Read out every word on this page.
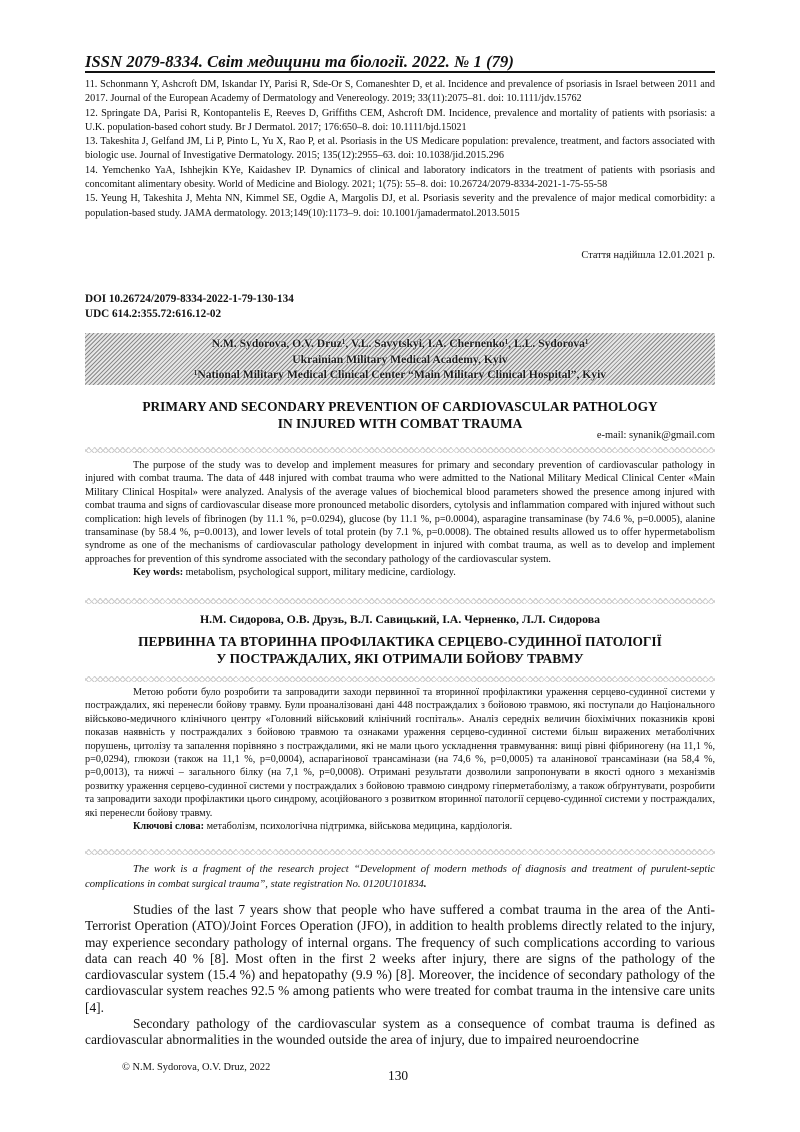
ISSN 2079-8334. Світ медицини та біології. 2022. № 1 (79)

11. Schonmann Y, Ashcroft DM, Iskandar IY, Parisi R, Sde-Or S, Comaneshter D, et al. Incidence and prevalence of psoriasis in Israel between 2011 and 2017. Journal of the European Academy of Dermatology and Venereology. 2019; 33(11):2075–81. doi: 10.1111/jdv.15762

12. Springate DA, Parisi R, Kontopantelis E, Reeves D, Griffiths CEM, Ashcroft DM. Incidence, prevalence and mortality of patients with psoriasis: a U.K. population-based cohort study. Br J Dermatol. 2017; 176:650–8. doi: 10.1111/bjd.15021

13. Takeshita J, Gelfand JM, Li P, Pinto L, Yu X, Rao P, et al. Psoriasis in the US Medicare population: prevalence, treatment, and factors associated with biologic use. Journal of Investigative Dermatology. 2015; 135(12):2955–63. doi: 10.1038/jid.2015.296

14. Yemchenko YaA, Ishhejkin KYe, Kaidashev IP. Dynamics of clinical and laboratory indicators in the treatment of patients with psoriasis and concomitant alimentary obesity. World of Medicine and Biology. 2021; 1(75): 55–8. doi: 10.26724/2079-8334-2021-1-75-55-58

15. Yeung H, Takeshita J, Mehta NN, Kimmel SE, Ogdie A, Margolis DJ, et al. Psoriasis severity and the prevalence of major medical comorbidity: a population-based study. JAMA dermatology. 2013;149(10):1173–9. doi: 10.1001/jamadermatol.2013.5015

Стаття надійшла 12.01.2021 р.
DOI 10.26724/2079-8334-2022-1-79-130-134
UDC 614.2:355.72:616.12-02
N.M. Sydorova, O.V. Druz¹, V.L. Savytskyi, I.A. Chernenko¹, L.L. Sydorova¹
Ukrainian Military Medical Academy, Kyiv
¹National Military Medical Clinical Center “Main Military Clinical Hospital”, Kyiv
PRIMARY AND SECONDARY PREVENTION OF CARDIOVASCULAR PATHOLOGY
IN INJURED WITH COMBAT TRAUMA
e-mail: synanik@gmail.com

The purpose of the study was to develop and implement measures for primary and secondary prevention of cardiovascular pathology in injured with combat trauma. The data of 448 injured with combat trauma who were admitted to the National Military Medical Clinical Center «Main Military Clinical Hospital» were analyzed. Analysis of the average values of biochemical blood parameters showed the presence among injured with combat trauma and signs of cardiovascular disease more pronounced metabolic disorders, cytolysis and inflammation compared with injured without such complication: high levels of fibrinogen (by 11.1 %, p=0.0294), glucose (by 11.1 %, p=0.0004), asparagine transaminase (by 74.6 %, p=0.0005), alanine transaminase (by 58.4 %, p=0.0013), and lower levels of total protein (by 7.1 %, p=0.0008). The obtained results allowed us to offer hypermetabolism syndrome as one of the mechanisms of cardiovascular pathology development in injured with combat trauma, as well as to develop and implement approaches for prevention of this syndrome associated with the secondary pathology of the cardiovascular system.

Key words: metabolism, psychological support, military medicine, cardiology.

Н.М. Сидорова, О.В. Друзь, В.Л. Савицький, І.А. Черненко, Л.Л. Сидорова
ПЕРВИННА ТА ВТОРИННА ПРОФІЛАКТИКА СЕРЦЕВО-СУДИННОЇ ПАТОЛОГІЇ
У ПОСТРАЖДАЛИХ, ЯКІ ОТРИМАЛИ БОЙОВУ ТРАВМУ

Метою роботи було розробити та запровадити заходи первинної та вторинної профілактики ураження серцево-судинної системи у постраждалих, які перенесли бойову травму. Були проаналізовані дані 448 постраждалих з бойовою травмою, які поступали до Національного військово-медичного клінічного центру «Головний військовий клінічний госпіталь». Аналіз середніх величин біохімічних показників крові показав наявність у постраждалих з бойовою травмою та ознаками ураження серцево-судинної системи більш виражених метаболічних порушень, цитолізу та запалення порівняно з постраждалими, які не мали цього ускладнення травмування: вищі рівні фібриногену (на 11,1 %, p=0,0294), глюкози (також на 11,1 %, p=0,0004), аспарагінової трансамінази (на 74,6 %, p=0,0005) та аланінової трансамінази (на 58,4 %, p=0,0013), та нижчі – загального білку (на 7,1 %, p=0,0008). Отримані результати дозволили запропонувати в якості одного з механізмів розвитку ураження серцево-судинної системи у постраждалих з бойовою травмою синдрому гіперметаболізму, а також обґрунтувати, розробити та запровадити заходи профілактики цього синдрому, асоційованого з розвитком вторинної патології серцево-судинної системи у постраждалих, які перенесли бойову травму.

Ключові слова: метаболізм, психологічна підтримка, військова медицина, кардіологія.

The work is a fragment of the research project “Development of modern methods of diagnosis and treatment of purulent-septic complications in combat surgical trauma”, state registration No. 0120U101834.

Studies of the last 7 years show that people who have suffered a combat trauma in the area of the Anti-Terrorist Operation (ATO)/Joint Forces Operation (JFO), in addition to health problems directly related to the injury, may experience secondary pathology of internal organs. The frequency of such complications according to various data can reach 40 % [8]. Most often in the first 2 weeks after injury, there are signs of the pathology of the cardiovascular system (15.4 %) and hepatopathy (9.9 %) [8]. Moreover, the incidence of secondary pathology of the cardiovascular system reaches 92.5 % among patients who were treated for combat trauma in the intensive care units [4].

Secondary pathology of the cardiovascular system as a consequence of combat trauma is defined as cardiovascular abnormalities in the wounded outside the area of injury, due to impaired neuroendocrine

© N.M. Sydorova, O.V. Druz, 2022
130
